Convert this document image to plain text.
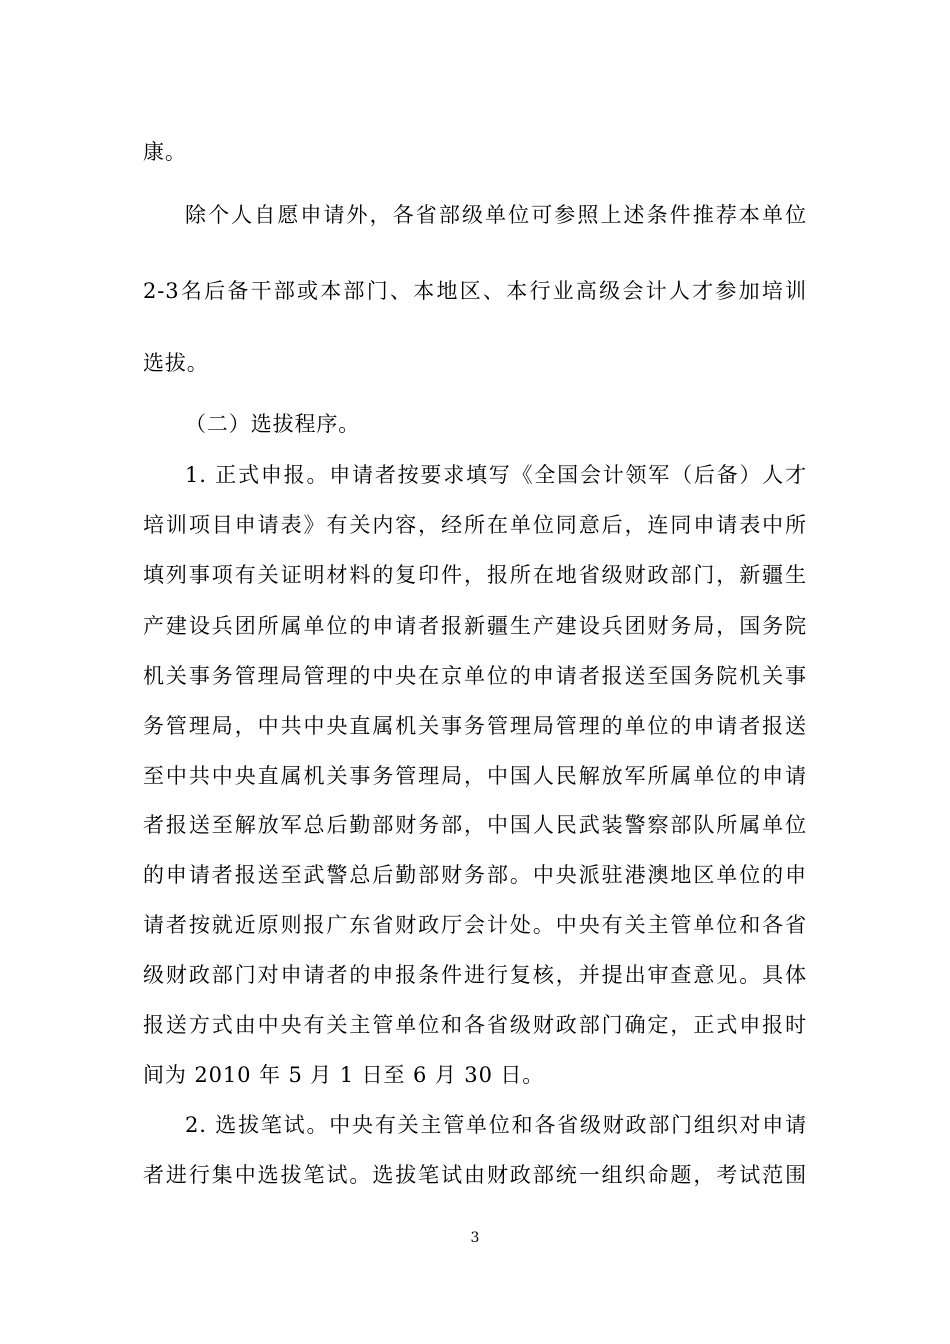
康。
除个人自愿申请外，各省部级单位可参照上述条件推荐本单位
2-3名后备干部或本部门、本地区、本行业高级会计人才参加培训
选拔。
（二）选拔程序。
1. 正式申报。申请者按要求填写《全国会计领军（后备）人才
培训项目申请表》有关内容，经所在单位同意后，连同申请表中所
填列事项有关证明材料的复印件，报所在地省级财政部门，新疆生
产建设兵团所属单位的申请者报新疆生产建设兵团财务局，国务院
机关事务管理局管理的中央在京单位的申请者报送至国务院机关事
务管理局，中共中央直属机关事务管理局管理的单位的申请者报送
至中共中央直属机关事务管理局，中国人民解放军所属单位的申请
者报送至解放军总后勤部财务部，中国人民武装警察部队所属单位
的申请者报送至武警总后勤部财务部。中央派驻港澳地区单位的申
请者按就近原则报广东省财政厅会计处。中央有关主管单位和各省
级财政部门对申请者的申报条件进行复核，并提出审查意见。具体
报送方式由中央有关主管单位和各省级财政部门确定，正式申报时
间为 2010 年 5 月 1 日至 6 月 30 日。
2. 选拔笔试。中央有关主管单位和各省级财政部门组织对申请
者进行集中选拔笔试。选拔笔试由财政部统一组织命题，考试范围
3
